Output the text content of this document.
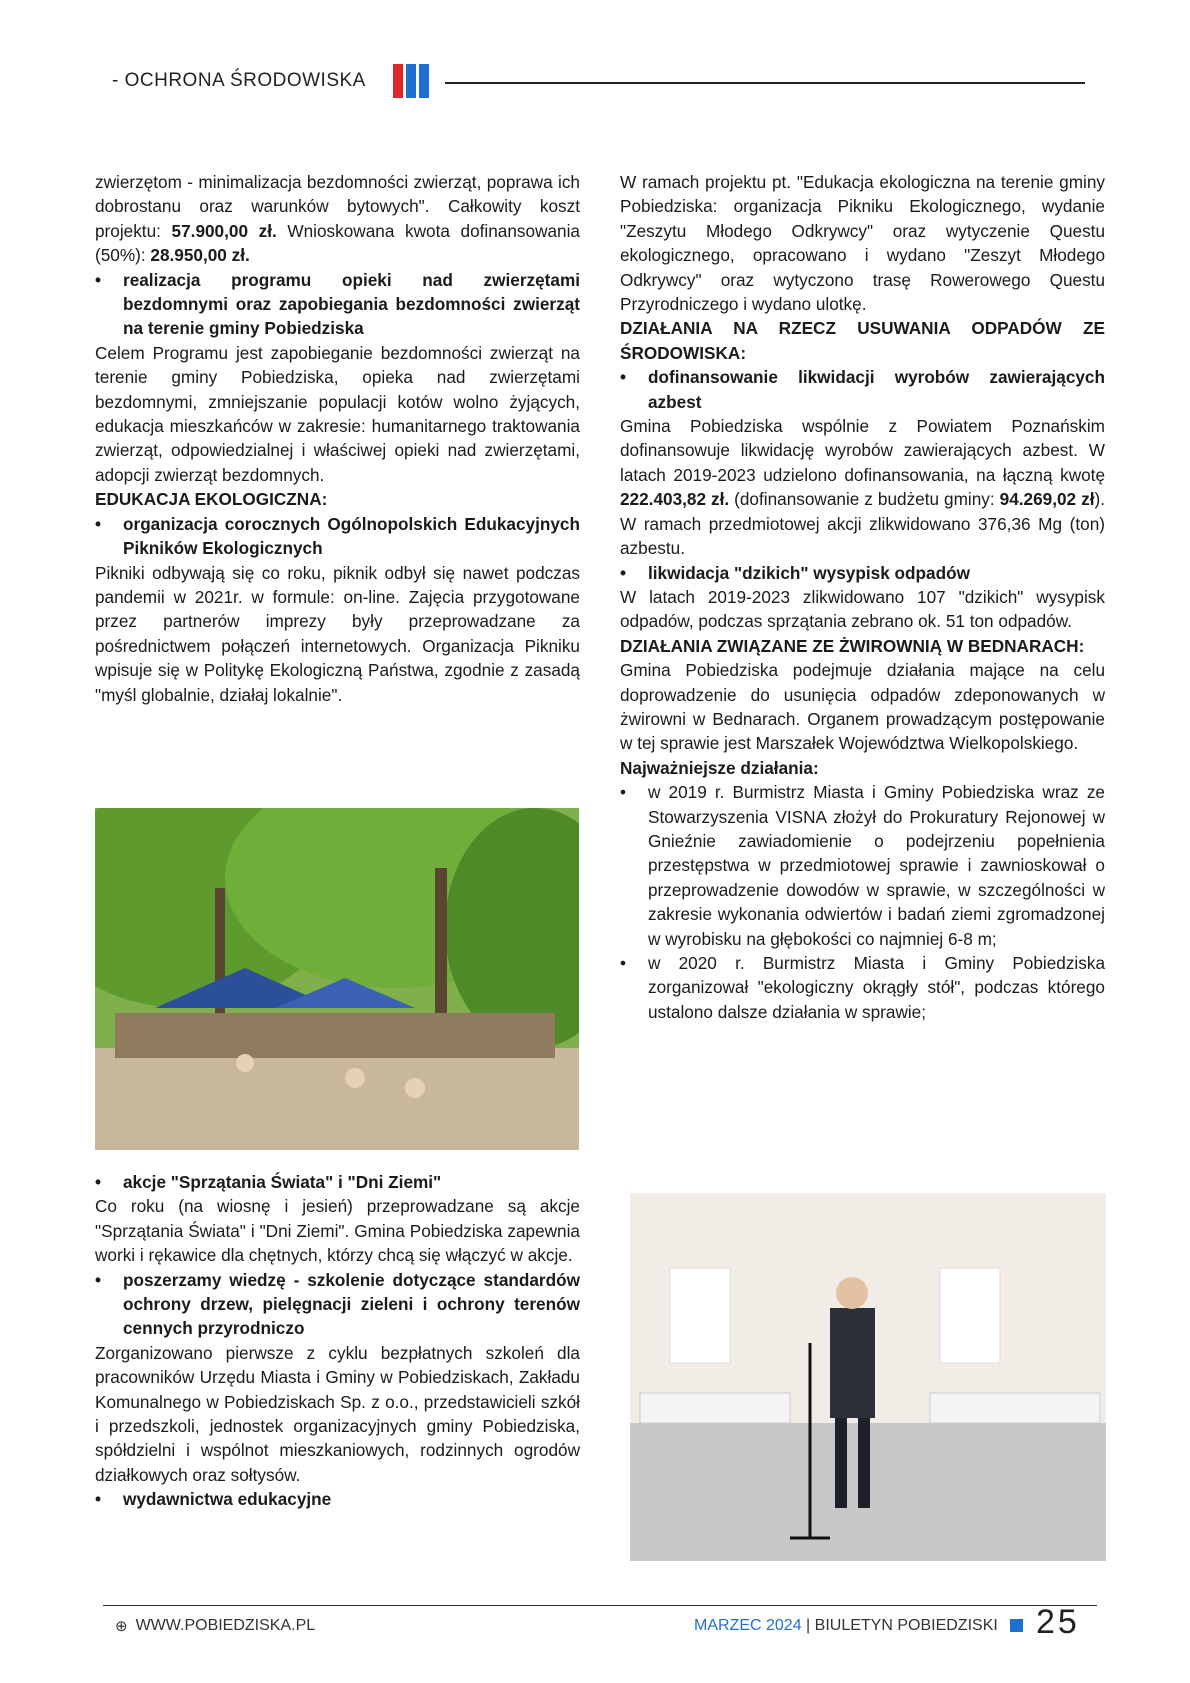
- OCHRONA ŚRODOWISKA

zwierzętom - minimalizacja bezdomności zwierząt, poprawa ich dobrostanu oraz warunków bytowych". Całkowity koszt projektu: 57.900,00 zł. Wnioskowana kwota dofinansowania (50%): 28.950,00 zł.

•	realizacja programu opieki nad zwierzętami bezdomnymi oraz zapobiegania bezdomności zwierząt na terenie gminy Pobiedziska

Celem Programu jest zapobieganie bezdomności zwierząt na terenie gminy Pobiedziska, opieka nad zwierzętami bezdomnymi, zmniejszanie populacji kotów wolno żyjących, edukacja mieszkańców w zakresie: humanitarnego traktowania zwierząt, odpowiedzialnej i właściwej opieki nad zwierzętami, adopcji zwierząt bezdomnych.

EDUKACJA EKOLOGICZNA:

•	organizacja corocznych Ogólnopolskich Edukacyjnych Pikników Ekologicznych

Pikniki odbywają się co roku, piknik odbył się nawet podczas pandemii w 2021r. w formule: on-line. Zajęcia przygotowane przez partnerów imprezy były przeprowadzane za pośrednictwem połączeń internetowych. Organizacja Pikniku wpisuje się w Politykę Ekologiczną Państwa, zgodnie z zasadą "myśl globalnie, działaj lokalnie".

•	akcje "Sprzątania Świata" i "Dni Ziemi"

Co roku (na wiosnę i jesień) przeprowadzane są akcje "Sprzątania Świata" i "Dni Ziemi". Gmina Pobiedziska zapewnia worki i rękawice dla chętnych, którzy chcą się włączyć w akcje.

•	poszerzamy wiedzę - szkolenie dotyczące standardów ochrony drzew, pielęgnacji zieleni i ochrony terenów cennych przyrodniczo

Zorganizowano pierwsze z cyklu bezpłatnych szkoleń dla pracowników Urzędu Miasta i Gminy w Pobiedziskach, Zakładu Komunalnego w Pobiedziskach Sp. z o.o., przedstawicieli szkół i przedszkoli, jednostek organizacyjnych gminy Pobiedziska, spółdzielni i wspólnot mieszkaniowych, rodzinnych ogrodów działkowych oraz sołtysów.

•	wydawnictwa edukacyjne

W ramach projektu pt. "Edukacja ekologiczna na terenie gminy Pobiedziska: organizacja Pikniku Ekologicznego, wydanie "Zeszytu Młodego Odkrywcy" oraz wytyczenie Questu ekologicznego, opracowano i wydano "Zeszyt Młodego Odkrywcy" oraz wytyczono trasę Rowerowego Questu Przyrodniczego i wydano ulotkę.

DZIAŁANIA NA RZECZ USUWANIA ODPADÓW ZE ŚRODOWISKA:

•	dofinansowanie likwidacji wyrobów zawierających azbest

Gmina Pobiedziska wspólnie z Powiatem Poznańskim dofinansowuje likwidację wyrobów zawierających azbest. W latach 2019-2023 udzielono dofinansowania, na łączną kwotę 222.403,82 zł. (dofinansowanie z budżetu gminy: 94.269,02 zł). W ramach przedmiotowej akcji zlikwidowano 376,36 Mg (ton) azbestu.

•	likwidacja "dzikich" wysypisk odpadów

W latach 2019-2023 zlikwidowano 107 "dzikich" wysypisk odpadów, podczas sprzątania zebrano ok. 51 ton odpadów.

DZIAŁANIA ZWIĄZANE ZE ŻWIROWNIĄ W BEDNARACH:

Gmina Pobiedziska podejmuje działania mające na celu doprowadzenie do usunięcia odpadów zdeponowanych w żwirowni w Bednarach. Organem prowadzącym postępowanie w tej sprawie jest Marszałek Województwa Wielkopolskiego.

Najważniejsze działania:

•	w 2019 r. Burmistrz Miasta i Gminy Pobiedziska wraz ze Stowarzyszenia VISNA złożył do Prokuratury Rejonowej w Gnieźnie zawiadomienie o podejrzeniu popełnienia przestępstwa w przedmiotowej sprawie i zawnioskował o przeprowadzenie dowodów w sprawie, w szczególności w zakresie wykonania odwiertów i badań ziemi zgromadzonej w wyrobisku na głębokości co najmniej 6-8 m;
•	w 2020 r. Burmistrz Miasta i Gminy Pobiedziska zorganizował "ekologiczny okrągły stół", podczas którego ustalono dalsze działania w sprawie;
⊕ WWW.POBIEDZISKA.PL	MARZEC 2024 | BIULETYN POBIEDZISKI 25
